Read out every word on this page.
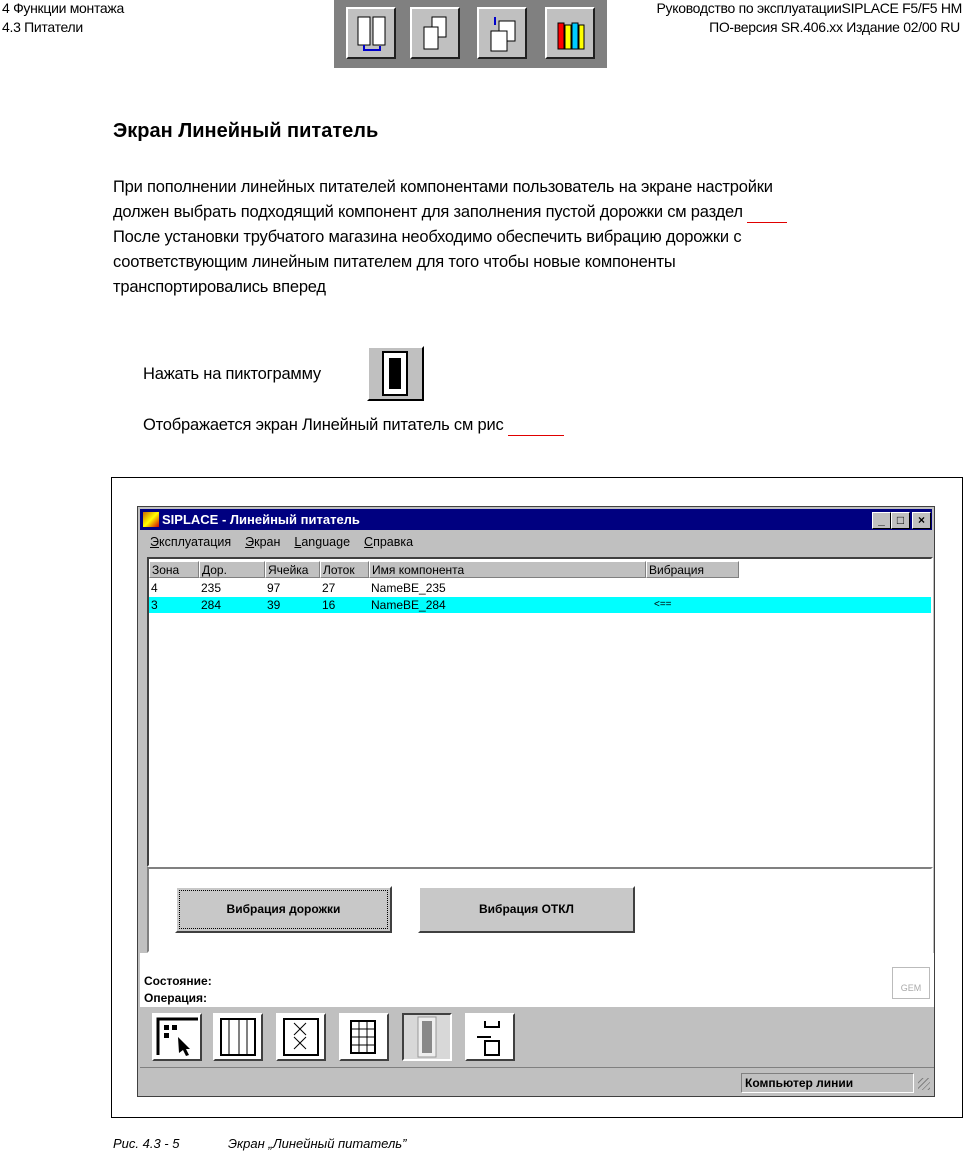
4 Функции монтажа
4.3 Питатели
Руководство по эксплуатацииSIPLACE F5/F5 HM
ПО-версия SR.406.xx Издание 02/00 RU
Экран Линейный питатель
При пополнении линейных питателей компонентами пользователь на экране настройки
должен выбрать подходящий компонент для заполнения пустой дорожки см раздел
После установки трубчатого магазина необходимо обеспечить вибрацию дорожки с
соответствующим линейным питателем для того чтобы новые компоненты
транспортировались вперед
Нажать на пиктограмму
Отображается экран Линейный питатель см рис
SIPLACE - Линейный питатель	_	□	×
Эксплуатация Экран Language Справка
Зона	Дор.	Ячейка	Лоток	Имя компонента	Вибрация
4	235	97	27	NameBE_235
3	284	39	16	NameBE_284	<==
Вибрация дорожки	Вибрация ОТКЛ
Состояние:
Операция:
GEM
Компьютер линии
Рис. 4.3 - 5	Экран „Линейный питатель”
